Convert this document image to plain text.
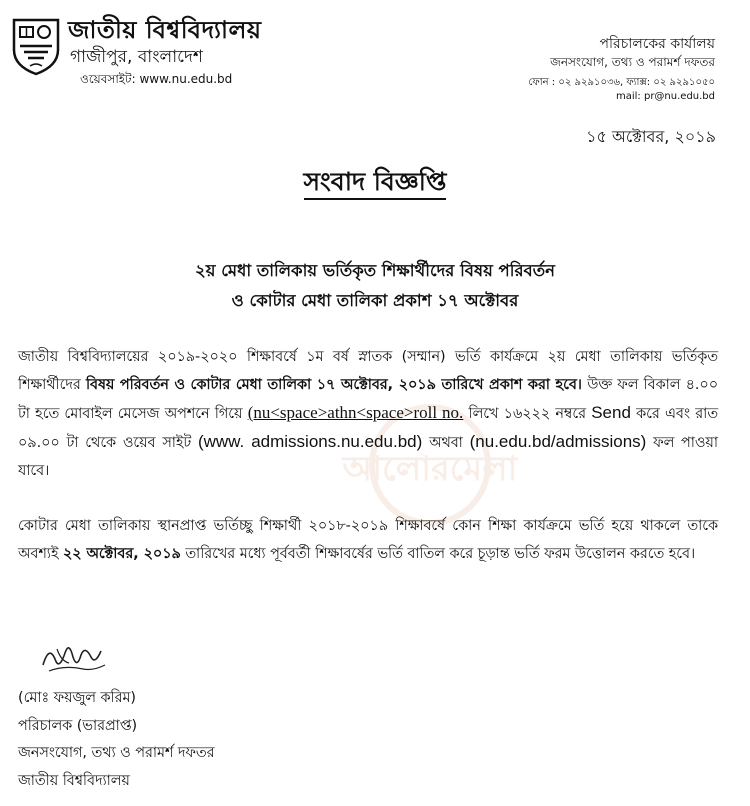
জাতীয় বিশ্ববিদ্যালয়
গাজীপুর, বাংলাদেশ
ওয়েবসাইট: www.nu.edu.bd
পরিচালকের কার্যালয়
জনসংযোগ, তথ্য ও পরামর্শ দফতর
ফোন : ০২ ৯২৯১০৩৬, ফ্যাক্স: ০২ ৯২৯১০৫০
mail: pr@nu.edu.bd
১৫ অক্টোবর, ২০১৯
সংবাদ বিজ্ঞপ্তি
২য় মেধা তালিকায় ভর্তিকৃত শিক্ষার্থীদের বিষয় পরিবর্তন
ও কোটার মেধা তালিকা প্রকাশ ১৭ অক্টোবর
আলোরমেলা
জাতীয় বিশ্ববিদ্যালয়ের ২০১৯-২০২০ শিক্ষাবর্ষে ১ম বর্ষ স্নাতক (সম্মান) ভর্তি কার্যক্রমে ২য় মেধা তালিকায় ভর্তিকৃত শিক্ষার্থীদের বিষয় পরিবর্তন ও কোটার মেধা তালিকা ১৭ অক্টোবর, ২০১৯ তারিখে প্রকাশ করা হবে। উক্ত ফল বিকাল ৪.০০ টা হতে মোবাইল মেসেজ অপশনে গিয়ে (nu<space>athn<space>roll no. লিখে ১৬২২২ নম্বরে Send করে এবং রাত ০৯.০০ টা থেকে ওয়েব সাইট (www. admissions.nu.edu.bd) অথবা (nu.edu.bd/admissions) ফল পাওয়া যাবে।
কোটার মেধা তালিকায় স্থানপ্রাপ্ত ভর্তিচ্ছু শিক্ষার্থী ২০১৮-২০১৯ শিক্ষাবর্ষে কোন শিক্ষা কার্যক্রমে ভর্তি হয়ে থাকলে তাকে অবশ্যই ২২ অক্টোবর, ২০১৯ তারিখের মধ্যে পূর্ববর্তী শিক্ষাবর্ষের ভর্তি বাতিল করে চূড়ান্ত ভর্তি ফরম উত্তোলন করতে হবে।
(মোঃ ফয়জুল করিম)
পরিচালক (ভারপ্রাপ্ত)
জনসংযোগ, তথ্য ও পরামর্শ দফতর
জাতীয় বিশ্ববিদ্যালয়
